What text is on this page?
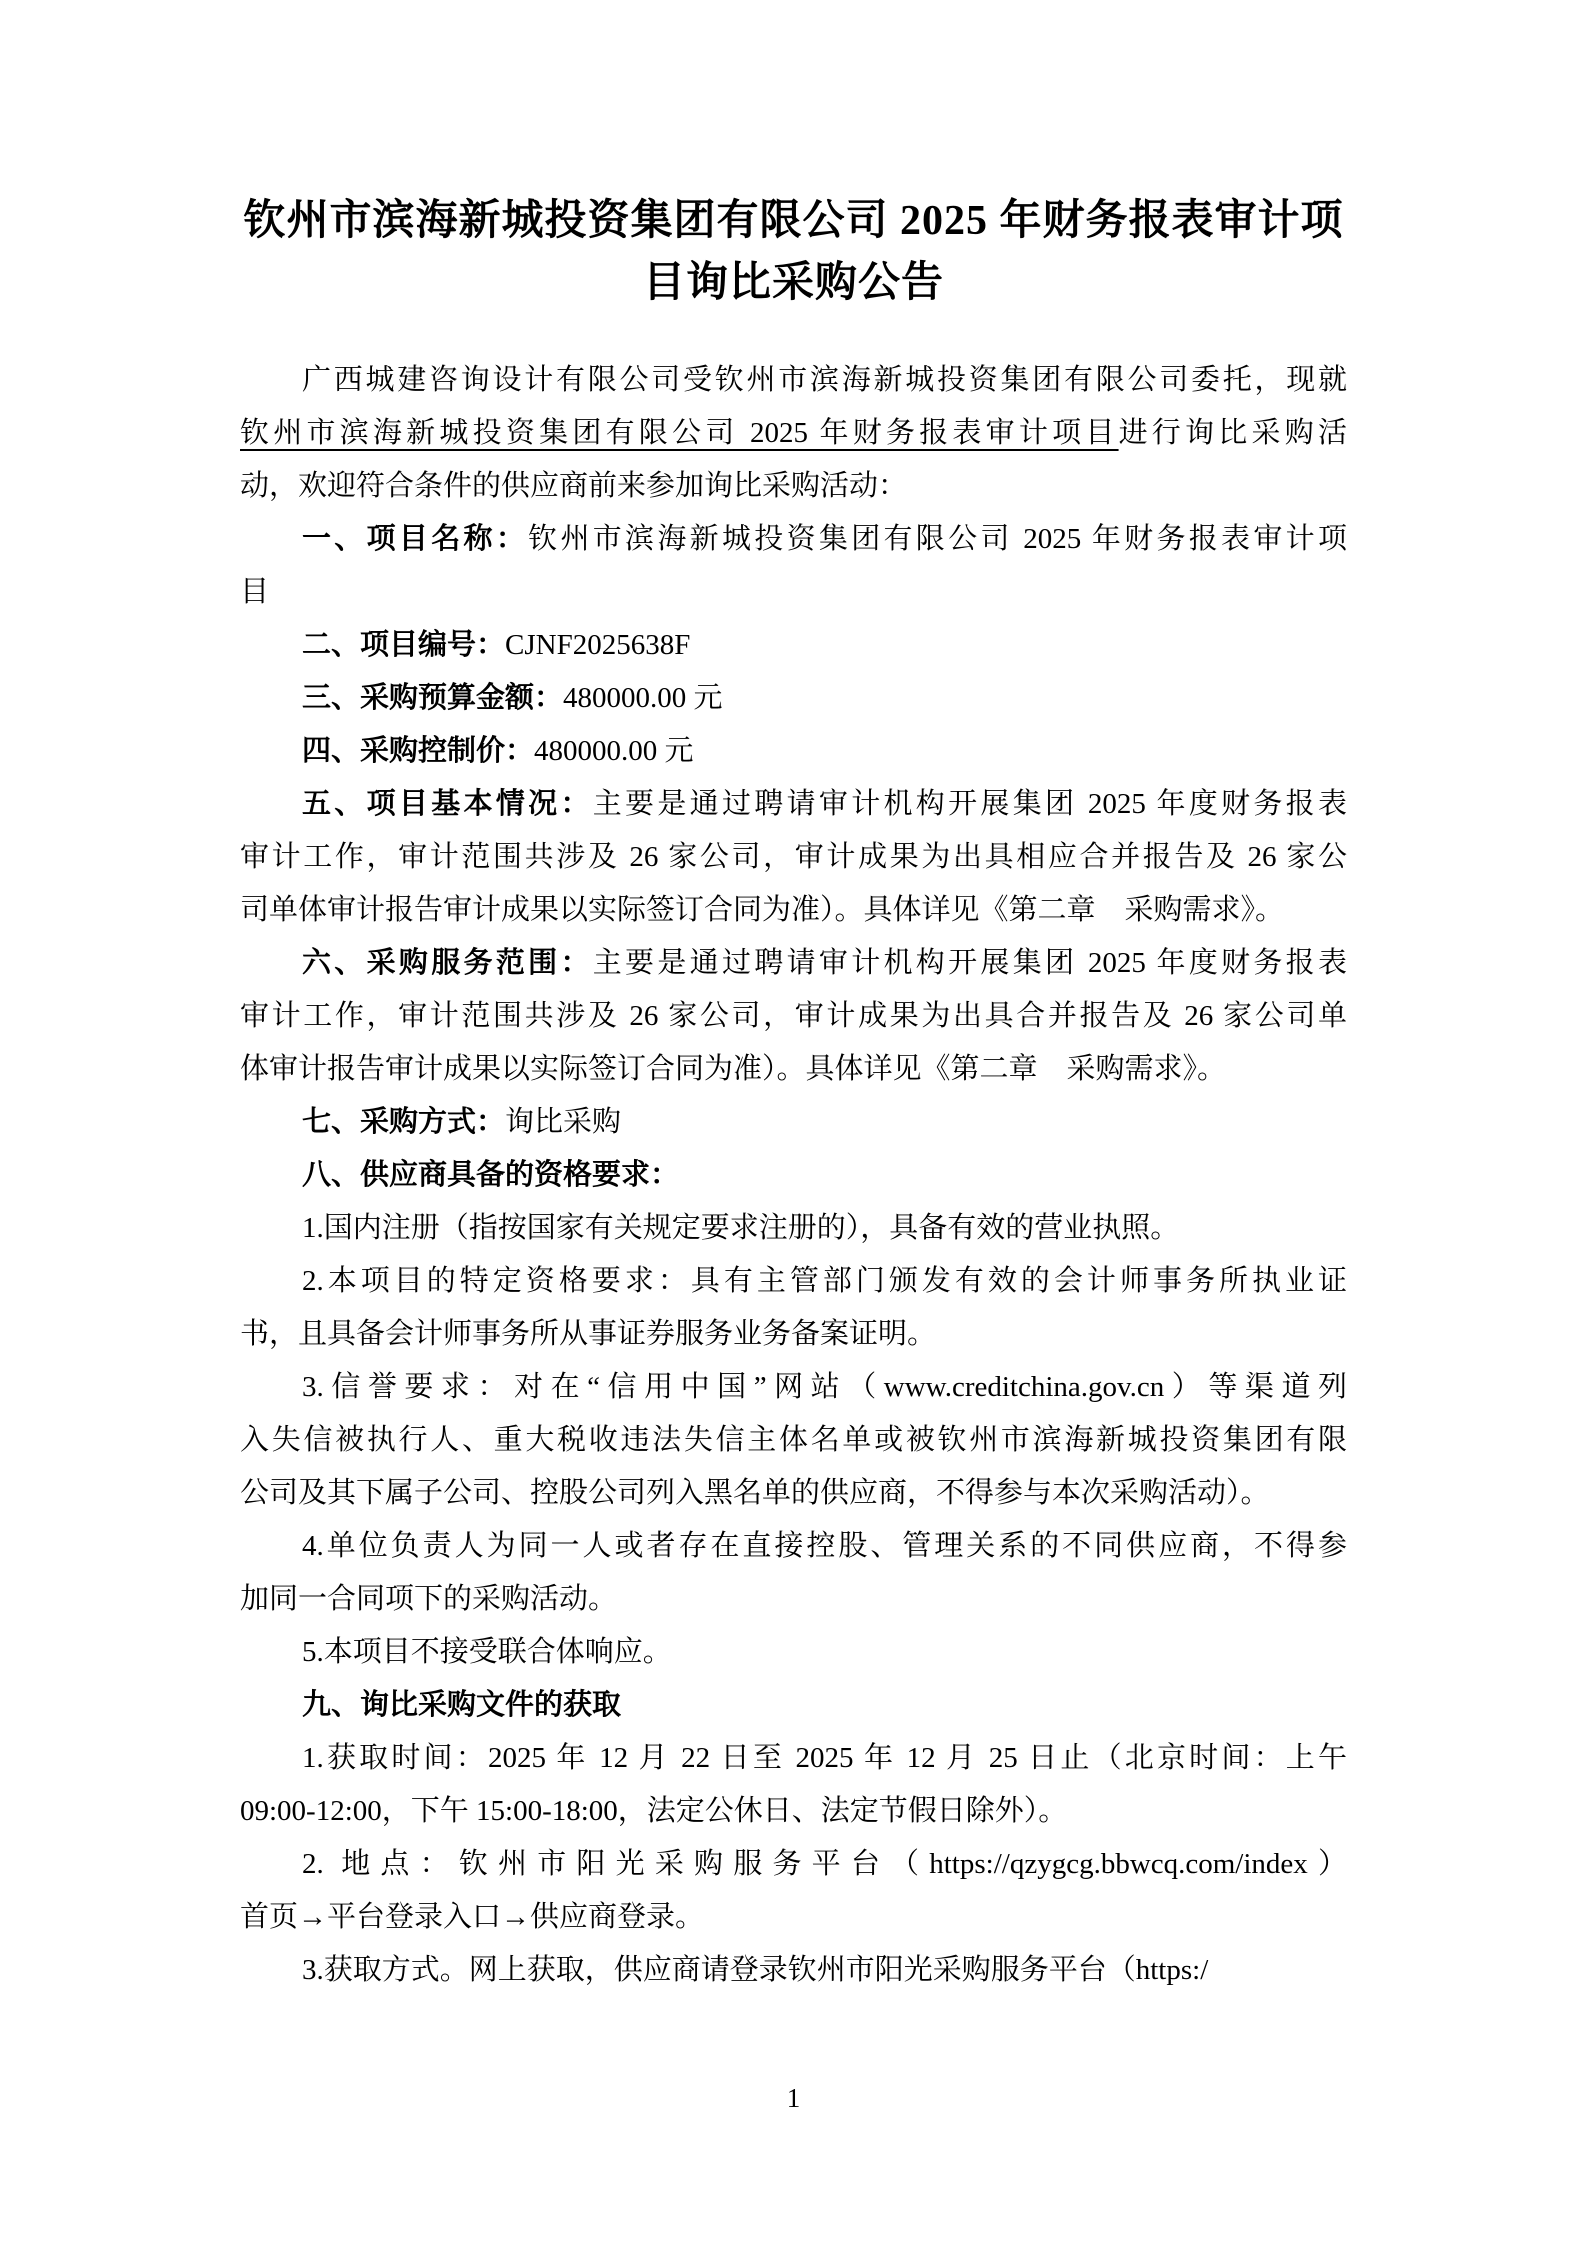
钦州市滨海新城投资集团有限公司 2025 年财务报表审计项
目询比采购公告
广西城建咨询设计有限公司受钦州市滨海新城投资集团有限公司委托，现就
钦州市滨海新城投资集团有限公司 2025 年财务报表审计项目进行询比采购活
动，欢迎符合条件的供应商前来参加询比采购活动：
一、项目名称：钦州市滨海新城投资集团有限公司 2025 年财务报表审计项
目
二、项目编号：CJNF2025638F
三、采购预算金额：480000.00 元
四、采购控制价：480000.00 元
五、项目基本情况：主要是通过聘请审计机构开展集团 2025 年度财务报表
审计工作，审计范围共涉及 26 家公司，审计成果为出具相应合并报告及 26 家公
司单体审计报告审计成果以实际签订合同为准）。具体详见《第二章　采购需求》。
六、采购服务范围：主要是通过聘请审计机构开展集团 2025 年度财务报表
审计工作，审计范围共涉及 26 家公司，审计成果为出具合并报告及 26 家公司单
体审计报告审计成果以实际签订合同为准）。具体详见《第二章　采购需求》。
七、采购方式：询比采购
八、供应商具备的资格要求：
1.国内注册（指按国家有关规定要求注册的），具备有效的营业执照。
2.本项目的特定资格要求：具有主管部门颁发有效的会计师事务所执业证
书，且具备会计师事务所从事证券服务业务备案证明。
3.信誉要求：对在“信用中国”网站（www.creditchina.gov.cn）等渠道列
入失信被执行人、重大税收违法失信主体名单或被钦州市滨海新城投资集团有限
公司及其下属子公司、控股公司列入黑名单的供应商，不得参与本次采购活动）。
4.单位负责人为同一人或者存在直接控股、管理关系的不同供应商，不得参
加同一合同项下的采购活动。
5.本项目不接受联合体响应。
九、询比采购文件的获取
1.获取时间：2025 年 12 月 22 日至 2025 年 12 月 25 日止（北京时间：上午
09:00-12:00，下午 15:00-18:00，法定公休日、法定节假日除外）。
2. 地点：钦州市阳光采购服务平台（https://qzygcg.bbwcq.com/index）
首页→平台登录入口→供应商登录。
3.获取方式。网上获取，供应商请登录钦州市阳光采购服务平台（https:/
1
